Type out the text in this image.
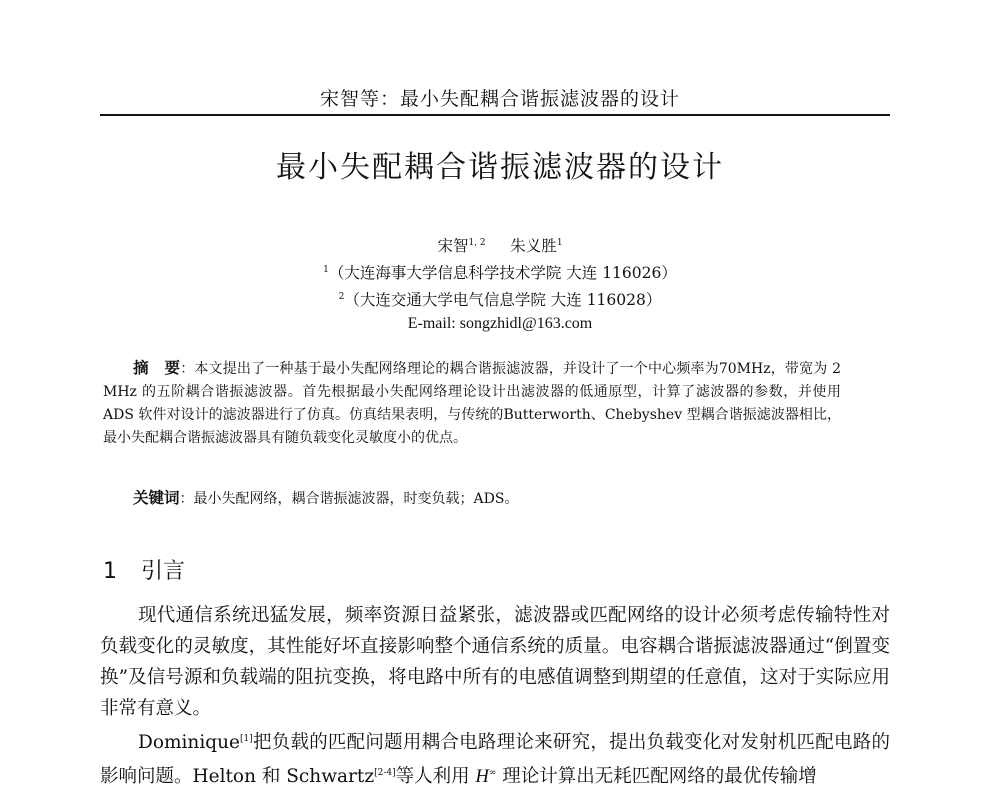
宋智等：最小失配耦合谐振滤波器的设计
最小失配耦合谐振滤波器的设计
宋智$^{1, 2}$ 朱义胜$^1$
$^1$（大连海事大学信息科学技术学院 大连 116026）
$^2$（大连交通大学电气信息学院 大连 116028）
E-mail: songzhidl@163.com
摘　要：本文提出了一种基于最小失配网络理论的耦合谐振滤波器，并设计了一个中心频率为70MHz，带宽为 2 MHz 的五阶耦合谐振滤波器。首先根据最小失配网络理论设计出滤波器的低通原型，计算了滤波器的参数，并使用 ADS 软件对设计的滤波器进行了仿真。仿真结果表明，与传统的Butterworth、Chebyshev 型耦合谐振滤波器相比，最小失配耦合谐振滤波器具有随负载变化灵敏度小的优点。
关键词：最小失配网络，耦合谐振滤波器，时变负载；ADS。
1 引言

现代通信系统迅猛发展，频率资源日益紧张，滤波器或匹配网络的设计必须考虑传输特性对负载变化的灵敏度，其性能好坏直接影响整个通信系统的质量。电容耦合谐振滤波器通过“倒置变换”及信号源和负载端的阻抗变换，将电路中所有的电感值调整到期望的任意值，这对于实际应用非常有意义。

Dominique[1]把负载的匹配问题用耦合电路理论来研究，提出负载变化对发射机匹配电路的影响问题。Helton 和 Schwartz[2-4]等人利用 H∞ 理论计算出无耗匹配网络的最优传输增
